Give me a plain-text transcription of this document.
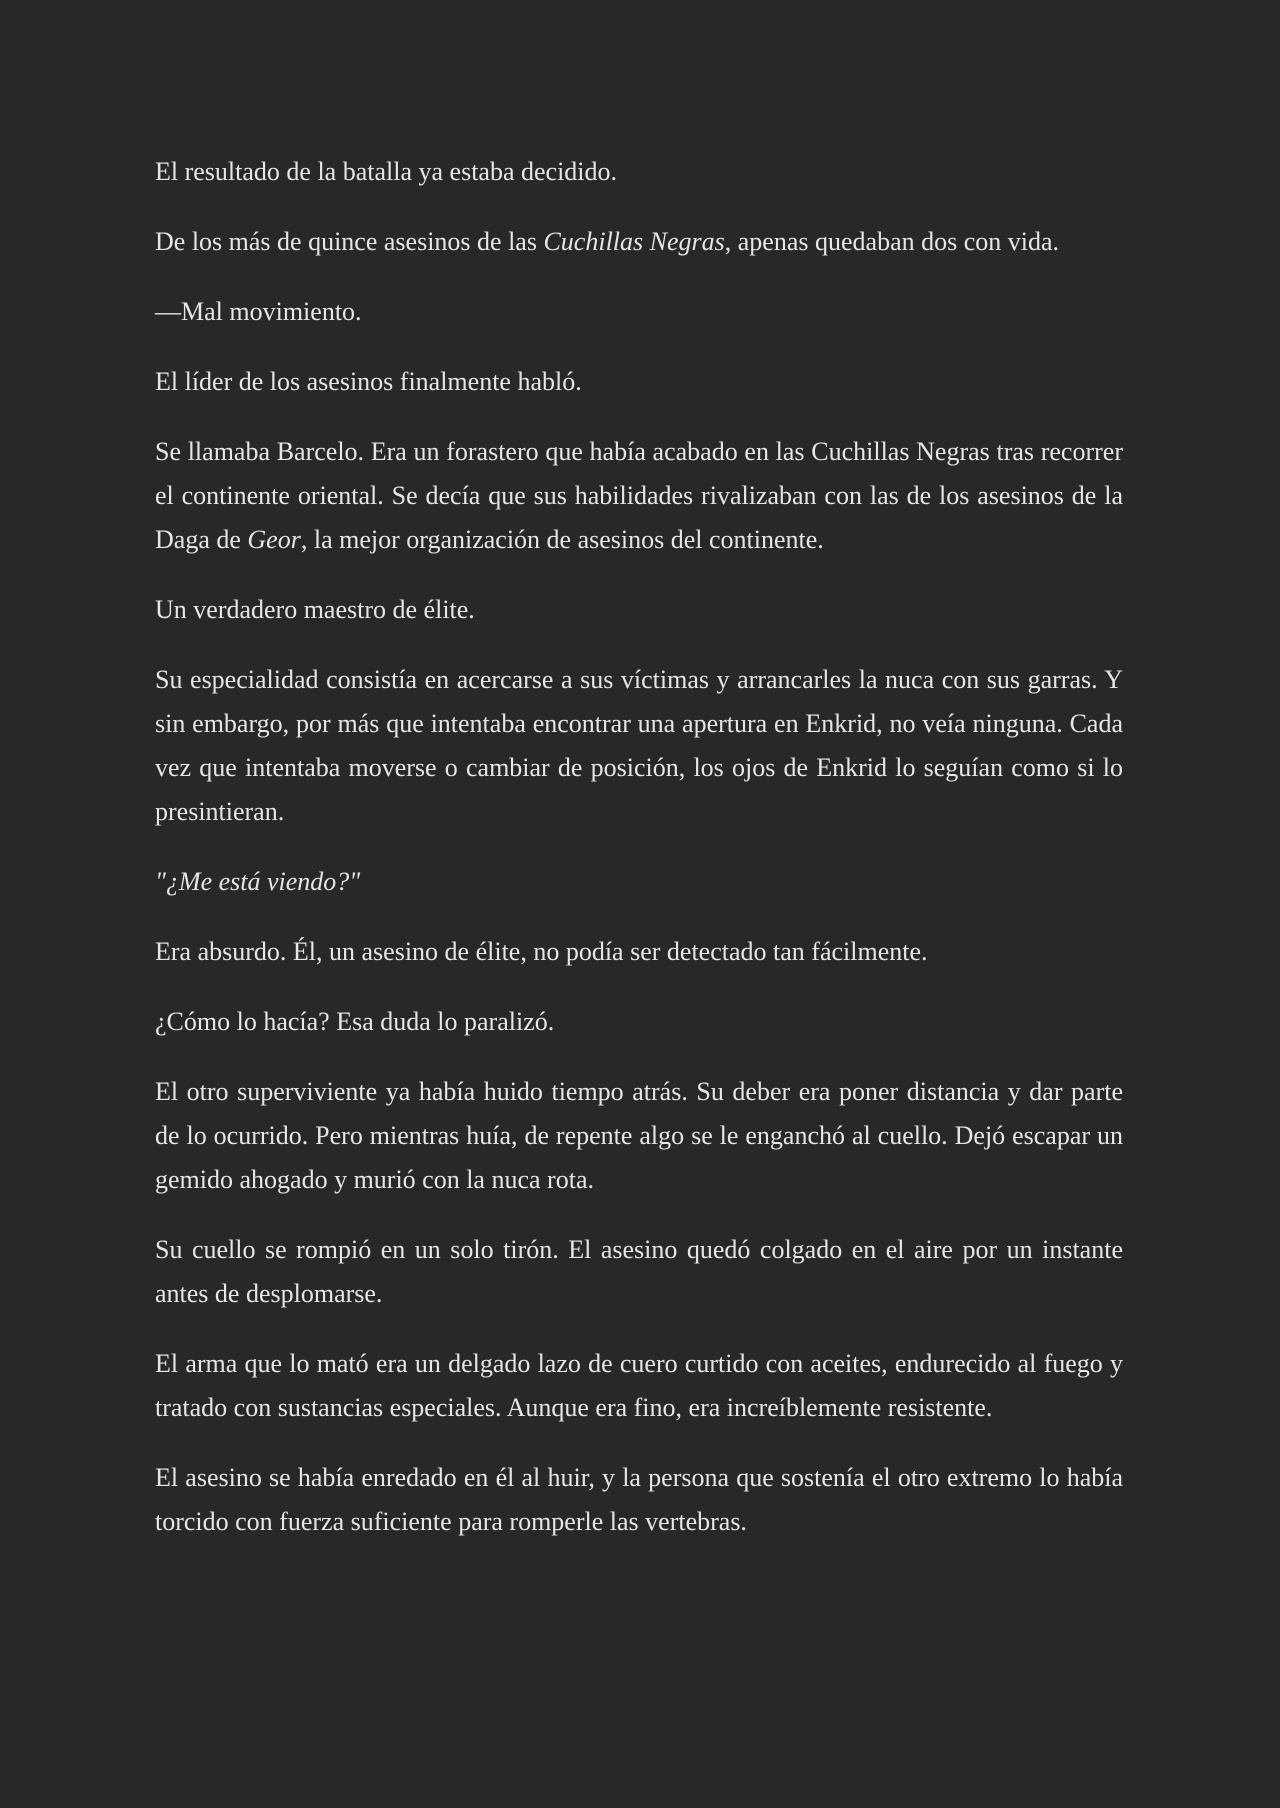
El resultado de la batalla ya estaba decidido.

De los más de quince asesinos de las Cuchillas Negras, apenas quedaban dos con vida.

—Mal movimiento.

El líder de los asesinos finalmente habló.

Se llamaba Barcelo. Era un forastero que había acabado en las Cuchillas Negras tras recorrer el continente oriental. Se decía que sus habilidades rivalizaban con las de los asesinos de la Daga de Geor, la mejor organización de asesinos del continente.

Un verdadero maestro de élite.

Su especialidad consistía en acercarse a sus víctimas y arrancarles la nuca con sus garras. Y sin embargo, por más que intentaba encontrar una apertura en Enkrid, no veía ninguna. Cada vez que intentaba moverse o cambiar de posición, los ojos de Enkrid lo seguían como si lo presintieran.

"¿Me está viendo?"

Era absurdo. Él, un asesino de élite, no podía ser detectado tan fácilmente.

¿Cómo lo hacía? Esa duda lo paralizó.

El otro superviviente ya había huido tiempo atrás. Su deber era poner distancia y dar parte de lo ocurrido. Pero mientras huía, de repente algo se le enganchó al cuello. Dejó escapar un gemido ahogado y murió con la nuca rota.

Su cuello se rompió en un solo tirón. El asesino quedó colgado en el aire por un instante antes de desplomarse.

El arma que lo mató era un delgado lazo de cuero curtido con aceites, endurecido al fuego y tratado con sustancias especiales. Aunque era fino, era increíblemente resistente.

El asesino se había enredado en él al huir, y la persona que sostenía el otro extremo lo había torcido con fuerza suficiente para romperle las vertebras.
